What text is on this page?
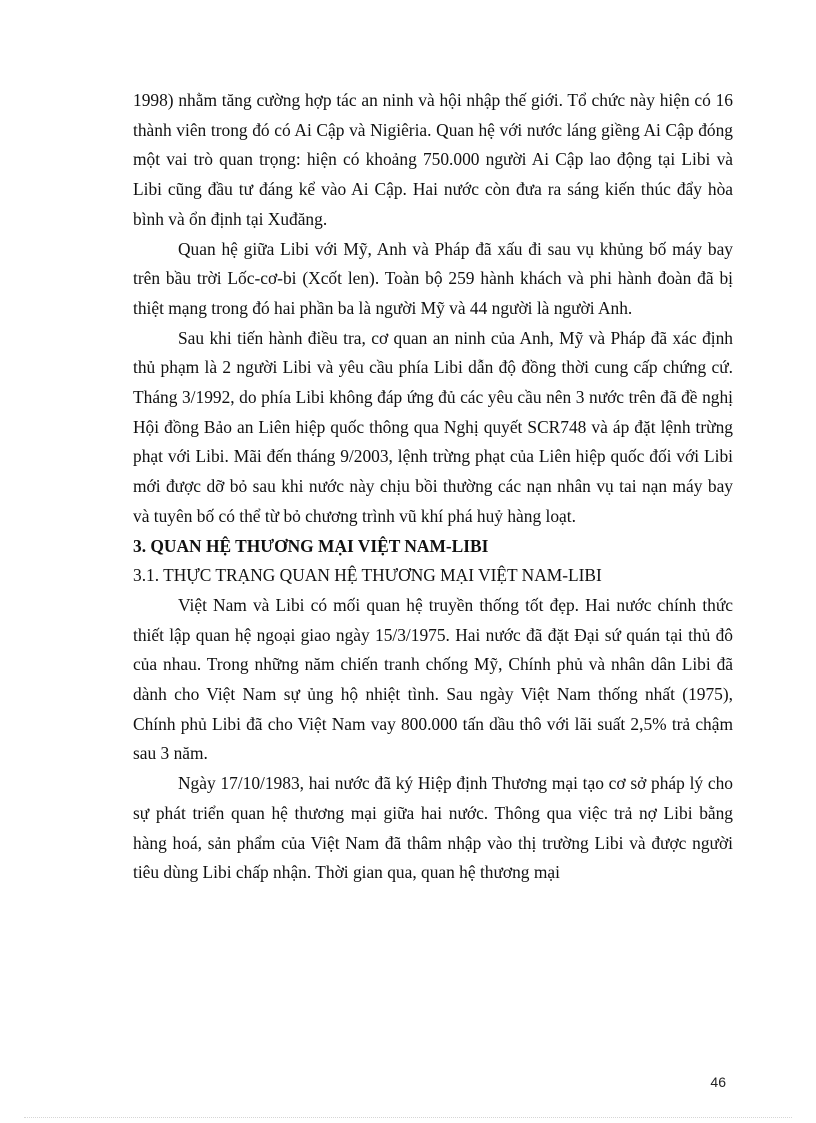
1998) nhằm tăng cường hợp tác an ninh và hội nhập thế giới. Tổ chức này hiện có 16 thành viên trong đó có Ai Cập và Nigiêria. Quan hệ với nước láng giềng Ai Cập đóng một vai trò quan trọng: hiện có khoảng 750.000 người Ai Cập lao động tại Libi và Libi cũng đầu tư đáng kể vào Ai Cập. Hai nước còn đưa ra sáng kiến thúc đẩy hòa bình và ổn định tại Xuđăng.

Quan hệ giữa Libi với Mỹ, Anh và Pháp đã xấu đi sau vụ khủng bố máy bay trên bầu trời Lốc-cơ-bi (Xcốt len). Toàn bộ 259 hành khách và phi hành đoàn đã bị thiệt mạng trong đó hai phần ba là người Mỹ và 44 người là người Anh.

Sau khi tiến hành điều tra, cơ quan an ninh của Anh, Mỹ và Pháp đã xác định thủ phạm là 2 người Libi và yêu cầu phía Libi dẫn độ đồng thời cung cấp chứng cứ. Tháng 3/1992, do phía Libi không đáp ứng đủ các yêu cầu nên 3 nước trên đã đề nghị Hội đồng Bảo an Liên hiệp quốc thông qua Nghị quyết SCR748 và áp đặt lệnh trừng phạt với Libi. Mãi đến tháng 9/2003, lệnh trừng phạt của Liên hiệp quốc đối với Libi mới được dỡ bỏ sau khi nước này chịu bồi thường các nạn nhân vụ tai nạn máy bay và tuyên bố có thể từ bỏ chương trình vũ khí phá huỷ hàng loạt.

3. QUAN HỆ THƯƠNG MẠI VIỆT NAM-LIBI

3.1. THỰC TRẠNG QUAN HỆ THƯƠNG MẠI VIỆT NAM-LIBI

Việt Nam và Libi có mối quan hệ truyền thống tốt đẹp. Hai nước chính thức thiết lập quan hệ ngoại giao ngày 15/3/1975. Hai nước đã đặt Đại sứ quán tại thủ đô của nhau. Trong những năm chiến tranh chống Mỹ, Chính phủ và nhân dân Libi đã dành cho Việt Nam sự ủng hộ nhiệt tình. Sau ngày Việt Nam thống nhất (1975), Chính phủ Libi đã cho Việt Nam vay 800.000 tấn dầu thô với lãi suất 2,5% trả chậm sau 3 năm.

Ngày 17/10/1983, hai nước đã ký Hiệp định Thương mại tạo cơ sở pháp lý cho sự phát triển quan hệ thương mại giữa hai nước. Thông qua việc trả nợ Libi bằng hàng hoá, sản phẩm của Việt Nam đã thâm nhập vào thị trường Libi và được người tiêu dùng Libi chấp nhận. Thời gian qua, quan hệ thương mại

46
